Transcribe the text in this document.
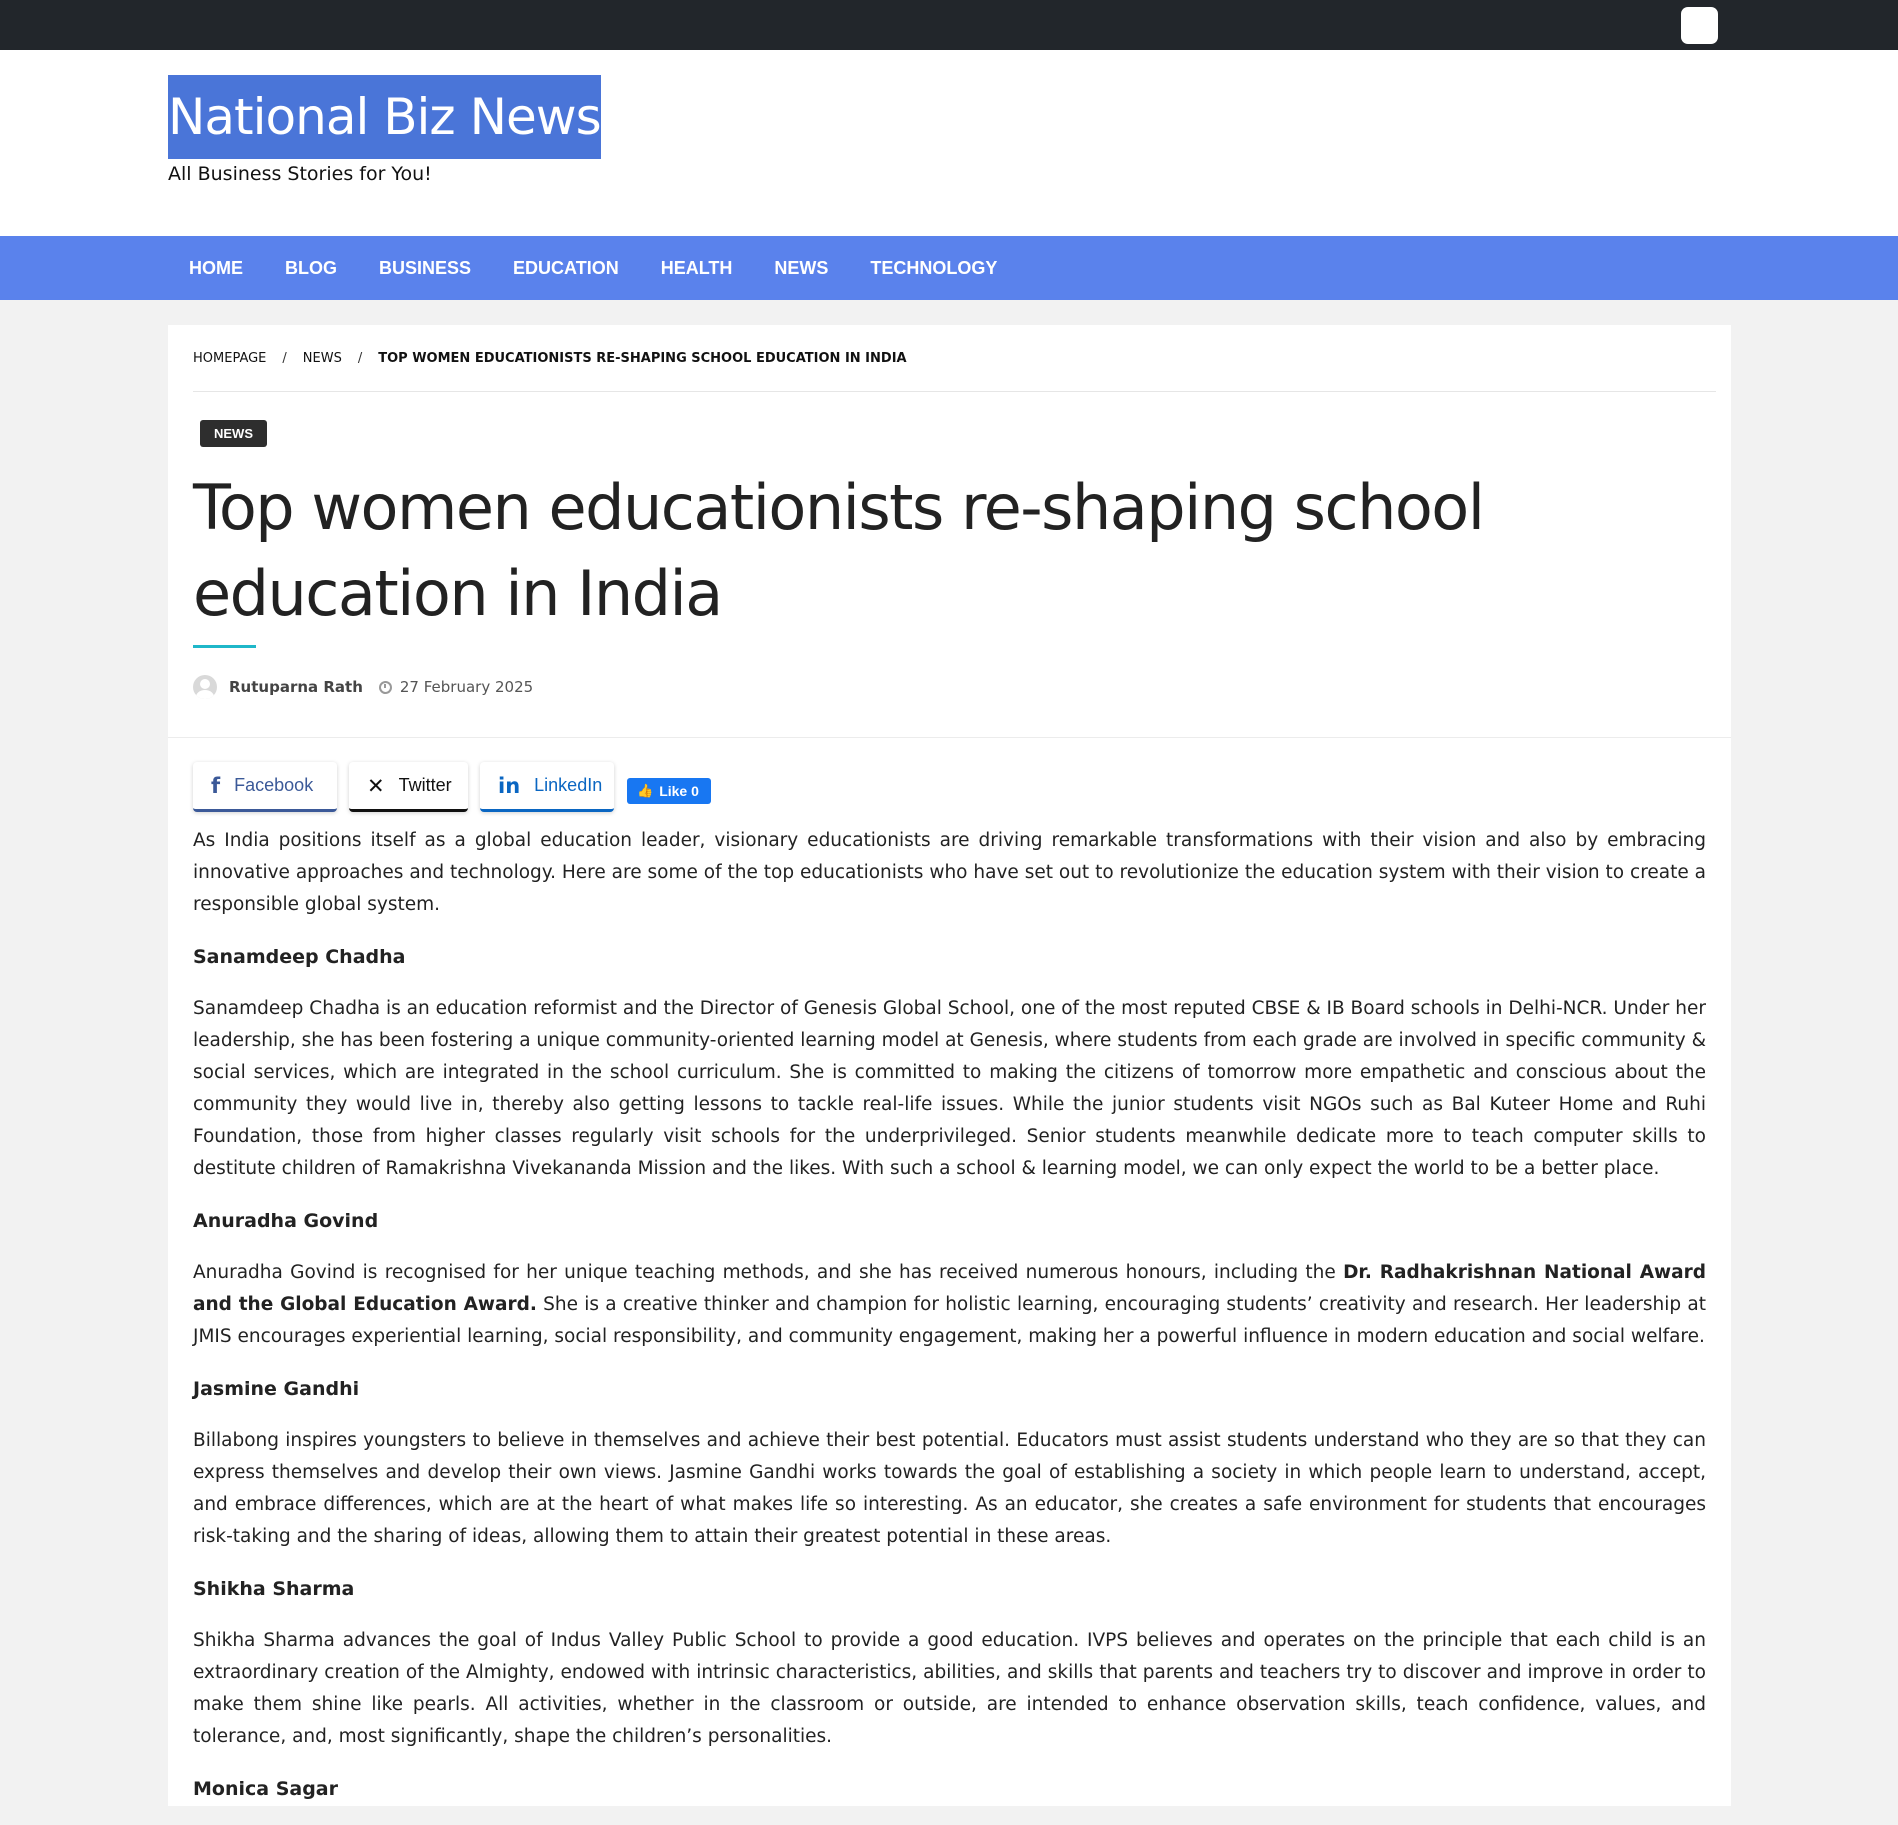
National Biz News
All Business Stories for You!
HOME	BLOG	BUSINESS	EDUCATION	HEALTH	NEWS	TECHNOLOGY
HOMEPAGE / NEWS / TOP WOMEN EDUCATIONISTS RE-SHAPING SCHOOL EDUCATION IN INDIA
NEWS
Top women educationists re-shaping school education in India
Rutuparna Rath 27 February 2025
f Facebook	✕ Twitter in LinkedIn	👍 Like 0

As India positions itself as a global education leader, visionary educationists are driving remarkable transformations with their vision and also by embracing innovative approaches and technology. Here are some of the top educationists who have set out to revolutionize the education system with their vision to create a responsible global system.

Sanamdeep Chadha

Sanamdeep Chadha is an education reformist and the Director of Genesis Global School, one of the most reputed CBSE & IB Board schools in Delhi-NCR. Under her leadership, she has been fostering a unique community-oriented learning model at Genesis, where students from each grade are involved in specific community & social services, which are integrated in the school curriculum. She is committed to making the citizens of tomorrow more empathetic and conscious about the community they would live in, thereby also getting lessons to tackle real-life issues. While the junior students visit NGOs such as Bal Kuteer Home and Ruhi Foundation, those from higher classes regularly visit schools for the underprivileged. Senior students meanwhile dedicate more to teach computer skills to destitute children of Ramakrishna Vivekananda Mission and the likes. With such a school & learning model, we can only expect the world to be a better place.

Anuradha Govind

Anuradha Govind is recognised for her unique teaching methods, and she has received numerous honours, including the Dr. Radhakrishnan National Award and the Global Education Award. She is a creative thinker and champion for holistic learning, encouraging students’ creativity and research. Her leadership at JMIS encourages experiential learning, social responsibility, and community engagement, making her a powerful influence in modern education and social welfare.

Jasmine Gandhi

Billabong inspires youngsters to believe in themselves and achieve their best potential. Educators must assist students understand who they are so that they can express themselves and develop their own views. Jasmine Gandhi works towards the goal of establishing a society in which people learn to understand, accept, and embrace differences, which are at the heart of what makes life so interesting. As an educator, she creates a safe environment for students that encourages risk-taking and the sharing of ideas, allowing them to attain their greatest potential in these areas.

Shikha Sharma

Shikha Sharma advances the goal of Indus Valley Public School to provide a good education. IVPS believes and operates on the principle that each child is an extraordinary creation of the Almighty, endowed with intrinsic characteristics, abilities, and skills that parents and teachers try to discover and improve in order to make them shine like pearls. All activities, whether in the classroom or outside, are intended to enhance observation skills, teach confidence, values, and tolerance, and, most significantly, shape the children’s personalities.

Monica Sagar
